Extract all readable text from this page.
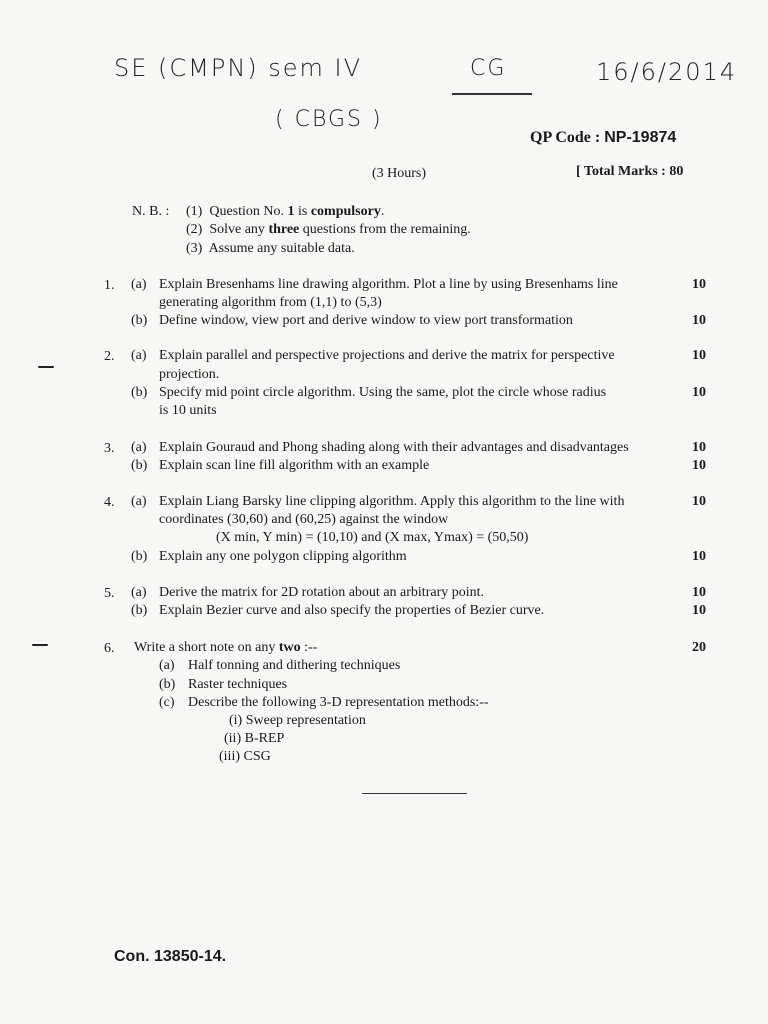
SE (CMPN) sem IV	CG	16/6/2014
( CBGS )
QP Code : NP-19874
(3 Hours)	[ Total Marks : 80
N. B. : (1) Question No. 1 is compulsory.
(2) Solve any three questions from the remaining.
(3) Assume any suitable data.
1. (a) Explain Bresenhams line drawing algorithm. Plot a line by using Bresenhams line
generating algorithm from (1,1) to (5,3)
10
(b) Define window, view port and derive window to view port transformation	10
2. (a) Explain parallel and perspective projections and derive the matrix for perspective
projection.
10
(b) Specify mid point circle algorithm. Using the same, plot the circle whose radius
is 10 units
10
3. (a) Explain Gouraud and Phong shading along with their advantages and disadvantages	10
(b) Explain scan line fill algorithm with an example	10
4. (a) Explain Liang Barsky line clipping algorithm. Apply this algorithm to the line with
coordinates (30,60) and (60,25) against the window
(X min, Y min) = (10,10) and (X max, Ymax) = (50,50)
10
(b) Explain any one polygon clipping algorithm	10
5. (a) Derive the matrix for 2D rotation about an arbitrary point.	10
(b) Explain Bezier curve and also specify the properties of Bezier curve.	10
6. Write a short note on any two :--	20
(a) Half tonning and dithering techniques
(b) Raster techniques
(c) Describe the following 3-D representation methods:--
(i) Sweep representation
(ii) B-REP
(iii) CSG
Con. 13850-14.
